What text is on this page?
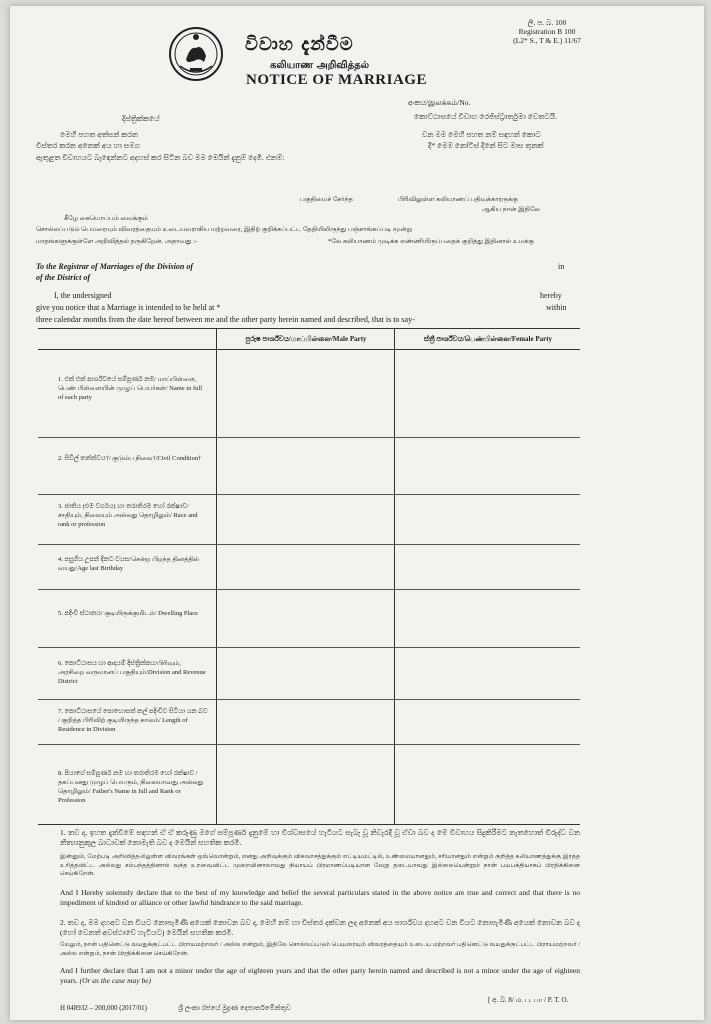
විවාහ දැන්වීම
கலியாண அறிவித்தல்
NOTICE OF MARRIAGE
ලි. ප. බ. 100
Registration B 100
(L2* S., T & E.) 11/67
අංකය/இலக்கம்/No.
කොට්ඨාසයේ විවාහ රෙජිස්ට්‍රාර්තුමා වෙතටයි.
දිස්ත්‍රික්කයේ
මෙහි පහත අත්සන් කරන	වන මම මෙහි පහත නම් සඳහන් කොට
විස්තර කරන අනෙක් අය හා සමග	දී* මෙම නෝටිස් දිනේ සිට මාස තුනක්
ඇතුළත විවාහයට බැඳෙන්නට අදහස් කර සිටින බව මම මෙයින් දැනුම් දෙමි. එනම්:
பகுதியைச் சேர்ந்த	பிரிவிலுள்ள கலியாணப் பதிவுக்காரருக்கு
ஆகிய நான் இதிலே
கீழே கையொப்பம் வைக்கும்
சொல்லப்படும் பெயரையும் விவரத்தையும் உடையவராகிய மற்றவரை, இதிற் குறிக்கப்பட்ட தேதியிலிருந்து பஞ்சாங்கப்படி மூன்று
மாதங்களுக்குள்ளே அறிவித்தல் தருகிறேன். அதாவது :-	*லே கலியாணம் முடிக்க எண்ணியிருப்பதைக் குறித்து இதினால் உமக்கு
To the Registrar of Marriages of the Division of	in
of the District of
I, the undersigned	hereby
give you notice that a Marriage is intended to be held at *	within
three calendar months from the date hereof between me and the other party herein named and described, that is to say-
පුරුෂ පාර්ශ්වය/மாப்பிள்ளை/Male Party	ස්ත්‍රී පාර්ශ්වය/பெண்பிள்ளை/Female Party
1. එක් එක් පාර්ශ්වයේ සම්පූර්ණ නම/ மாப்பிள்ளை, பெண் பிள்ளையின் முழுப் பெயர்கள்/ Name in full of each party
2. සිවිල් තත්ත්වය†/ குடும்ப நிலை†/Civil Condition†
3. ජාතිය (එම වර්ගය) හා තරාතිරම හෝ රක්ෂාව/சாதியும், நிலையும் அல்லது தொழிலும்/ Race and rank or profession
4. පසුගිය උපන් දිනට වයස/சென்ற பிறந்த தினத்தில் வயது/Age last Birthday
5. පදිංචි ස්ථානය/ குடியிருக்குமிடம்/ Dwelling Place
6. කොට්ඨාසය හා ආදායම් දිස්ත්‍රික්කය/பிரிவும், அரசிறை வருமானப் பகுதியும்/Division and Revenue District
7. කොට්ඨාසයේ පොහොසත් කල් පදිංචිව සිටියා යන බව / குறித்த பிரிவிற் குடியிருந்த காலம்/ Length of Residence in Division
8. පියාගේ සම්පූර්ණ නම හා තරාතිරම හෝ රක්ෂාව / தகப்பனது முழுப் பெயரும், நிலையாவது அல்லது தொழிலும்/ Father's Name in full and Rank or Profession
1. තව ද, ඉහත දැන්වීමේ සඳහන් ඒ ඒ කරුණු මගේ සම්පූර්ණ දැනුමේ හා විශ්වාසයේ හැටියට සැබෑ වූ නිවැරදි වූ ඒවා බව ද මේ විවාහය සිදුකිරීමට නැතහොත් විරුද්ධ වන නීත්‍යානුකූල බාධාවක් නොමැති බව ද මෙයින් සහතික කරමි.
இன்னும், மேற்படி அறிவித்தலிலுள்ள விவரங்கள் ஒவ்வொன்றும், எனது அறிவுக்கும் விசுவாசத்துக்கும் எட்டியமட்டில், உண்மையானதும், சரியானதும் என்றும் குறித்த கலியாணத்துக்கு இரத்த உரித்தவிட்ட அல்லது சம்பந்தத்தினால் வந்த உறவைவிட்ட முறையினாலாவது நியாயப் பிரமாணப்படியான வேறு தடையாவது இல்லையென்றும் நான் பயபக்தியாகப் பிரதிக்கினை செய்கிறேன்.
And I Hereby solemnly declare that to the best of my knowledge and belief the several particulars stated in the above notice are true and correct and that there is no impediment of kindred or alliance or other lawful hindrance to the said marriage.
2. තව ද, මම දහඅට වන වියට නොපැමිණි අයෙක් නොවන බව ද, මෙහි නම් හා විස්තර දක්වන ලද අනෙක් අය පාර්ශ්වය දහඅට වන වියට නොපැමිණි අයෙක් නොවන බව ද (හෝ වෙනත් අවස්ථාවේ හැටියට) මෙයින් සහතික කරමි.
மேலும், நான் பதினெட்டு வயதுக்குட்பட்ட பிராயமற்றவர் / அல்ல என்றும், இதிலே சொல்லப்படும் பெயரையும் விவரத்தையும் உடைய மற்றவர் பதினெட்டு வயதுக்குட்பட்ட பிராயமற்றவர் / அல்ல என்றும், நான் பிரதிக்கினை செய்கிறேன்.
And I further declare that I am not a minor under the age of eighteen years and that the other party herein named and described is not a minor under the age of eighteen years. (Or as the case may be)
H 048932 – 200,000 (2017/01)	ශ්‍රී ලංකා රජයේ මුද්‍රණ දෙපාර්තමේන්තුව
[ අ. බ. 8/ ம. ப. பா / P. T. O.
